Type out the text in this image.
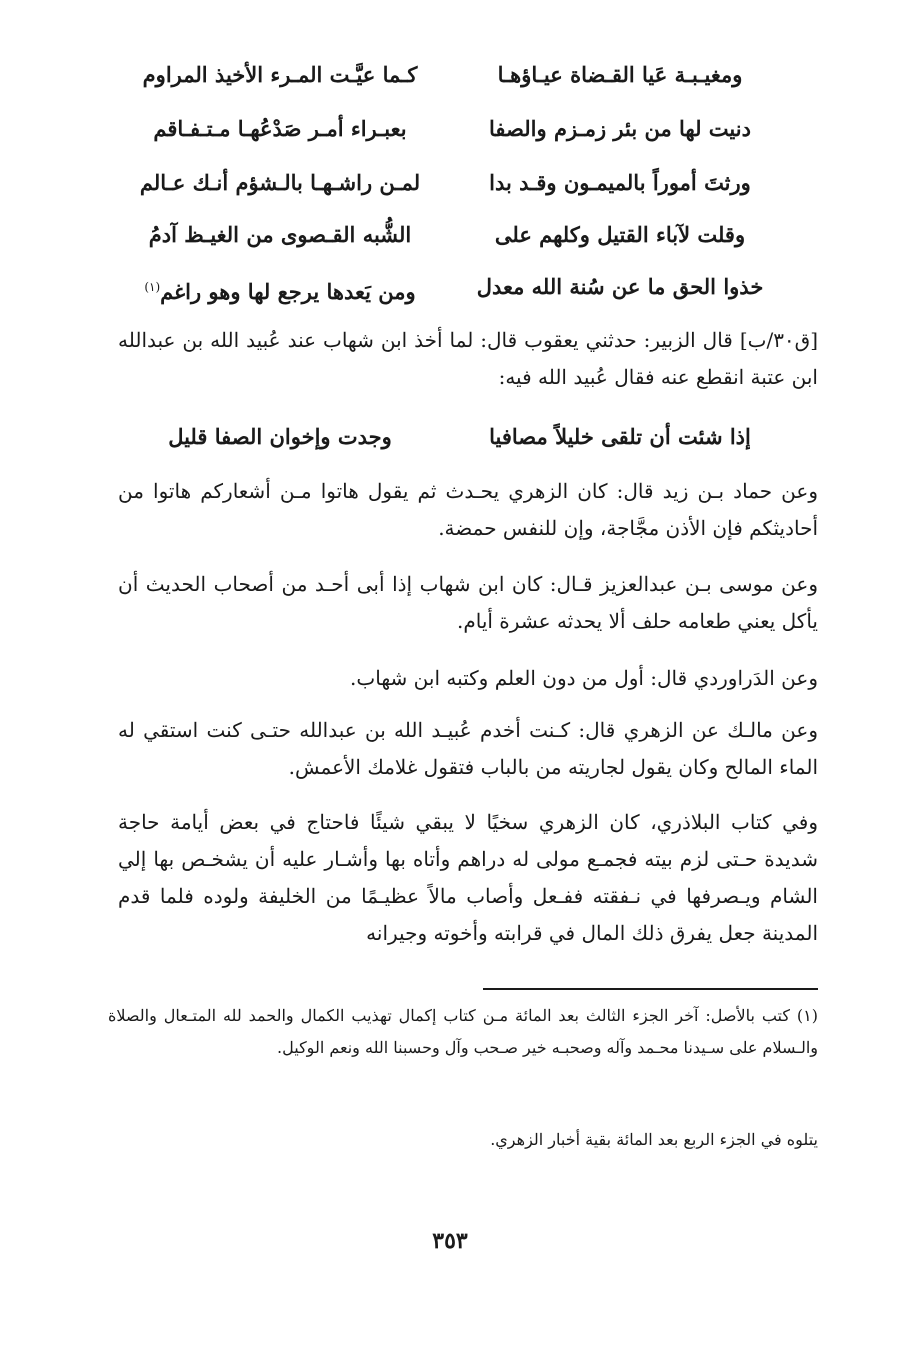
ومغيـبـة عَيا القـضاة عيـاؤهـا
كـما عيَّـت المـرء الأخيذ المراوم
دنيت لها من بئر زمـزم والصفا
بعبـراء أمـر صَدْعُهـا مـتـفـاقم
ورثتَ أموراً بالميمـون وقـد بدا
لمـن راشـهـا بالـشؤم أنـك عـالم
وقلت لآباء القتيل وكلهم على
الشُّبه القـصوى من الغيـظ آدمُ
خذوا الحق ما عن سُنة الله معدل
ومن يَعدها يرجع لها وهو راغم$^{(١)}$
[ق٣٠/ب] قال الزبير: حدثني يعقوب قال: لما أخذ ابن شهاب عند عُبيد الله بن عبدالله ابن عتبة انقطع عنه فقال عُبيد الله فيه:
إذا شئت أن تلقى خليلاً مصافيا
وجدت وإخوان الصفا قليل
وعن حماد بـن زيد قال: كان الزهري يحـدث ثم يقول هاتوا مـن أشعاركم هاتوا من أحاديثكم فإن الأذن مجَّاجة، وإن للنفس حمضة.
وعن موسى بـن عبدالعزيز قـال: كان ابن شهاب إذا أبى أحـد من أصحاب الحديث أن يأكل يعني طعامه حلف ألا يحدثه عشرة أيام.
وعن الدَراوردي قال: أول من دون العلم وكتبه ابن شهاب.
وعن مالـك عن الزهري قال: كـنت أخدم عُبيـد الله بن عبدالله حتـى كنت استقي له الماء المالح وكان يقول لجاريته من بالباب فتقول غلامك الأعمش.
وفي كتاب البلاذري، كان الزهري سخيًا لا يبقي شيئًا فاحتاج في بعض أيامة حاجة شديدة حـتى لزم بيته فجمـع مولى له دراهم وأتاه بها وأشـار عليه أن يشخـص بها إلي الشام ويـصرفها في نـفقته ففـعل وأصاب مالاً عظيـمًا من الخليفة ولوده فلما قدم المدينة جعل يفرق ذلك المال في قرابته وأخوته وجيرانه
(١) كتب بالأصل: آخر الجزء الثالث بعد المائة مـن كتاب إكمال تهذيب الكمال والحمد لله المتـعال والصلاة والـسلام على سـيدنا محـمد وآله وصحبـه خير صـحب وآل وحسبنا الله ونعم الوكيل.
يتلوه في الجزء الربع بعد المائة بقية أخبار الزهري.
٣٥٣
